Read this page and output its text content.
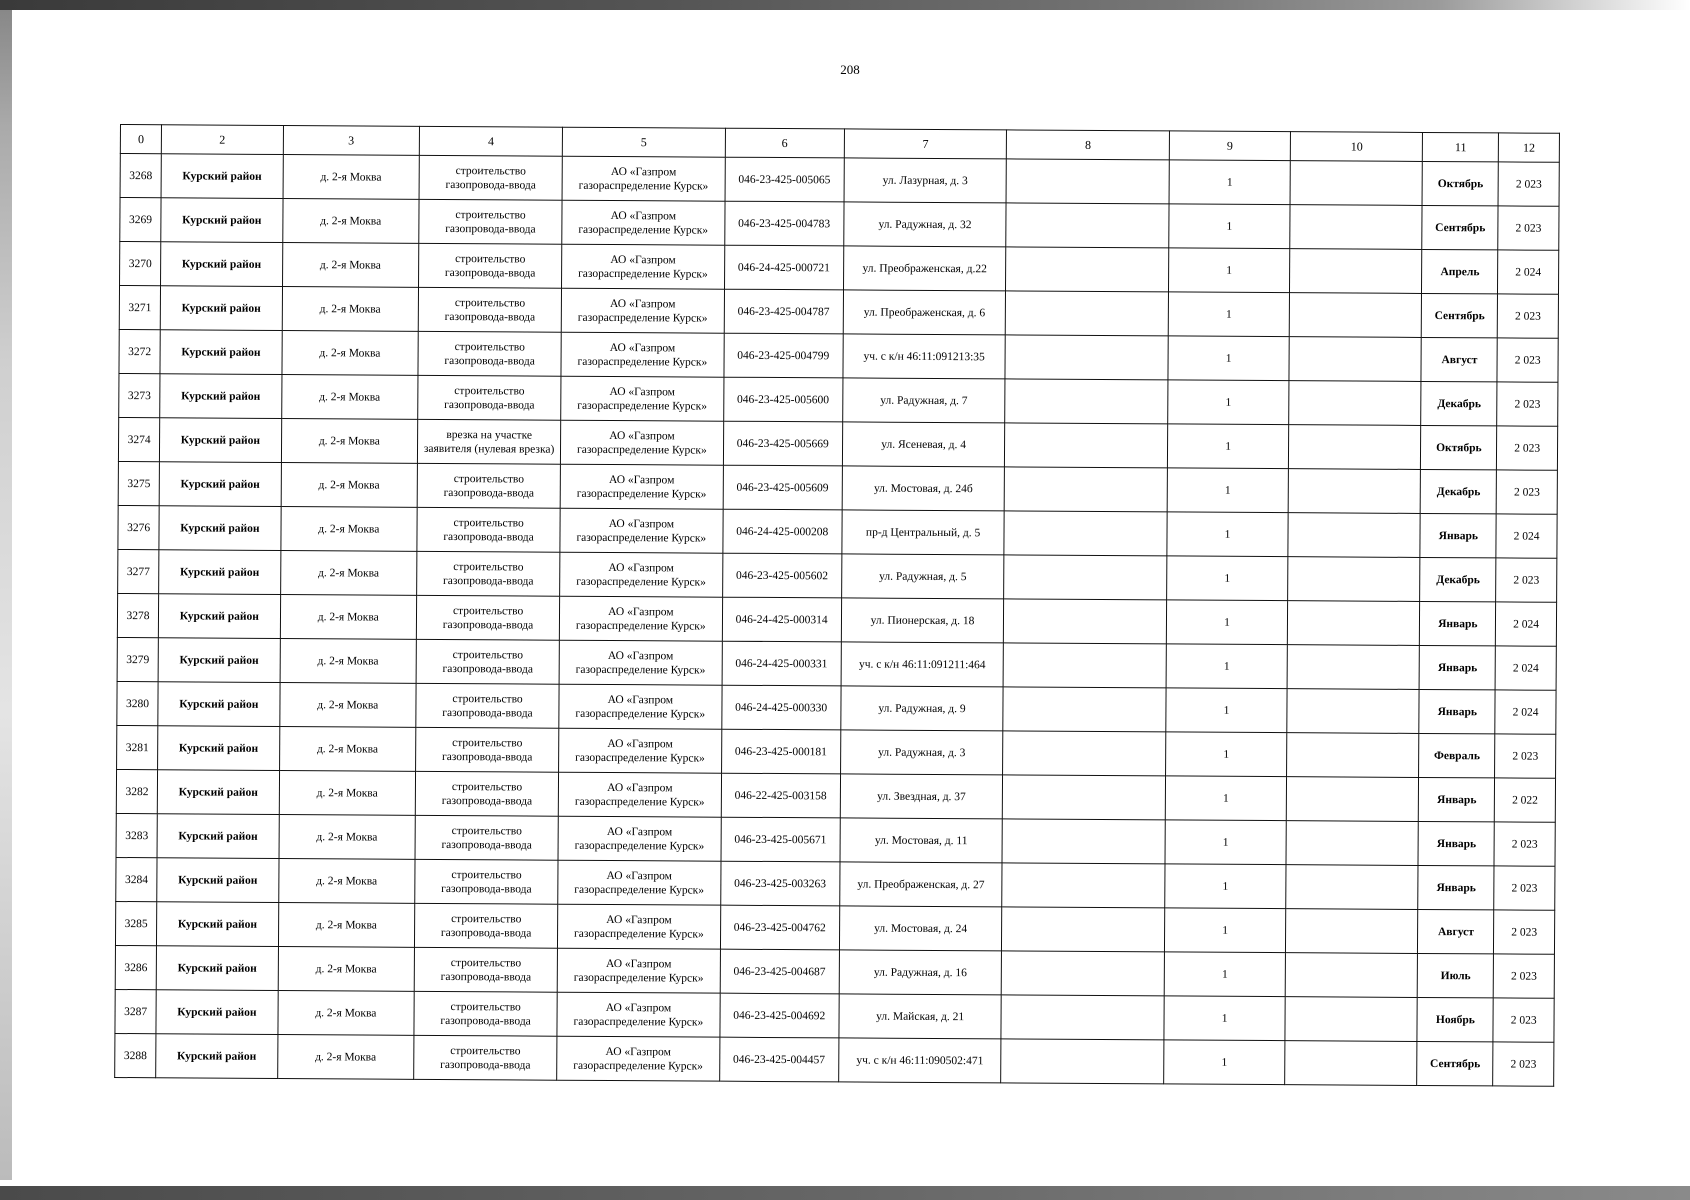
208
0	2	3	4	5	6	7	8	9	10	11	12
3268	Курский район	д. 2-я Моква	строительство газопровода-ввода	АО «Газпром газораспределение Курск»	046-23-425-005065	ул. Лазурная, д. 3		1		Октябрь	2 023
3269	Курский район	д. 2-я Моква	строительство газопровода-ввода	АО «Газпром газораспределение Курск»	046-23-425-004783	ул. Радужная, д. 32		1		Сентябрь	2 023
3270	Курский район	д. 2-я Моква	строительство газопровода-ввода	АО «Газпром газораспределение Курск»	046-24-425-000721	ул. Преображенская, д.22		1		Апрель	2 024
3271	Курский район	д. 2-я Моква	строительство газопровода-ввода	АО «Газпром газораспределение Курск»	046-23-425-004787	ул. Преображенская, д. 6		1		Сентябрь	2 023
3272	Курский район	д. 2-я Моква	строительство газопровода-ввода	АО «Газпром газораспределение Курск»	046-23-425-004799	уч. с к/н 46:11:091213:35		1		Август	2 023
3273	Курский район	д. 2-я Моква	строительство газопровода-ввода	АО «Газпром газораспределение Курск»	046-23-425-005600	ул. Радужная, д. 7		1		Декабрь	2 023
3274	Курский район	д. 2-я Моква	врезка на участке заявителя (нулевая врезка)	АО «Газпром газораспределение Курск»	046-23-425-005669	ул. Ясеневая, д. 4		1		Октябрь	2 023
3275	Курский район	д. 2-я Моква	строительство газопровода-ввода	АО «Газпром газораспределение Курск»	046-23-425-005609	ул. Мостовая, д. 24б		1		Декабрь	2 023
3276	Курский район	д. 2-я Моква	строительство газопровода-ввода	АО «Газпром газораспределение Курск»	046-24-425-000208	пр-д Центральный, д. 5		1		Январь	2 024
3277	Курский район	д. 2-я Моква	строительство газопровода-ввода	АО «Газпром газораспределение Курск»	046-23-425-005602	ул. Радужная, д. 5		1		Декабрь	2 023
3278	Курский район	д. 2-я Моква	строительство газопровода-ввода	АО «Газпром газораспределение Курск»	046-24-425-000314	ул. Пионерская, д. 18		1		Январь	2 024
3279	Курский район	д. 2-я Моква	строительство газопровода-ввода	АО «Газпром газораспределение Курск»	046-24-425-000331	уч. с к/н 46:11:091211:464		1		Январь	2 024
3280	Курский район	д. 2-я Моква	строительство газопровода-ввода	АО «Газпром газораспределение Курск»	046-24-425-000330	ул. Радужная, д. 9		1		Январь	2 024
3281	Курский район	д. 2-я Моква	строительство газопровода-ввода	АО «Газпром газораспределение Курск»	046-23-425-000181	ул. Радужная, д. 3		1		Февраль	2 023
3282	Курский район	д. 2-я Моква	строительство газопровода-ввода	АО «Газпром газораспределение Курск»	046-22-425-003158	ул. Звездная, д. 37		1		Январь	2 022
3283	Курский район	д. 2-я Моква	строительство газопровода-ввода	АО «Газпром газораспределение Курск»	046-23-425-005671	ул. Мостовая, д. 11		1		Январь	2 023
3284	Курский район	д. 2-я Моква	строительство газопровода-ввода	АО «Газпром газораспределение Курск»	046-23-425-003263	ул. Преображенская, д. 27		1		Январь	2 023
3285	Курский район	д. 2-я Моква	строительство газопровода-ввода	АО «Газпром газораспределение Курск»	046-23-425-004762	ул. Мостовая, д. 24		1		Август	2 023
3286	Курский район	д. 2-я Моква	строительство газопровода-ввода	АО «Газпром газораспределение Курск»	046-23-425-004687	ул. Радужная, д. 16		1		Июль	2 023
3287	Курский район	д. 2-я Моква	строительство газопровода-ввода	АО «Газпром газораспределение Курск»	046-23-425-004692	ул. Майская, д. 21		1		Ноябрь	2 023
3288	Курский район	д. 2-я Моква	строительство газопровода-ввода	АО «Газпром газораспределение Курск»	046-23-425-004457	уч. с к/н 46:11:090502:471		1		Сентябрь	2 023
